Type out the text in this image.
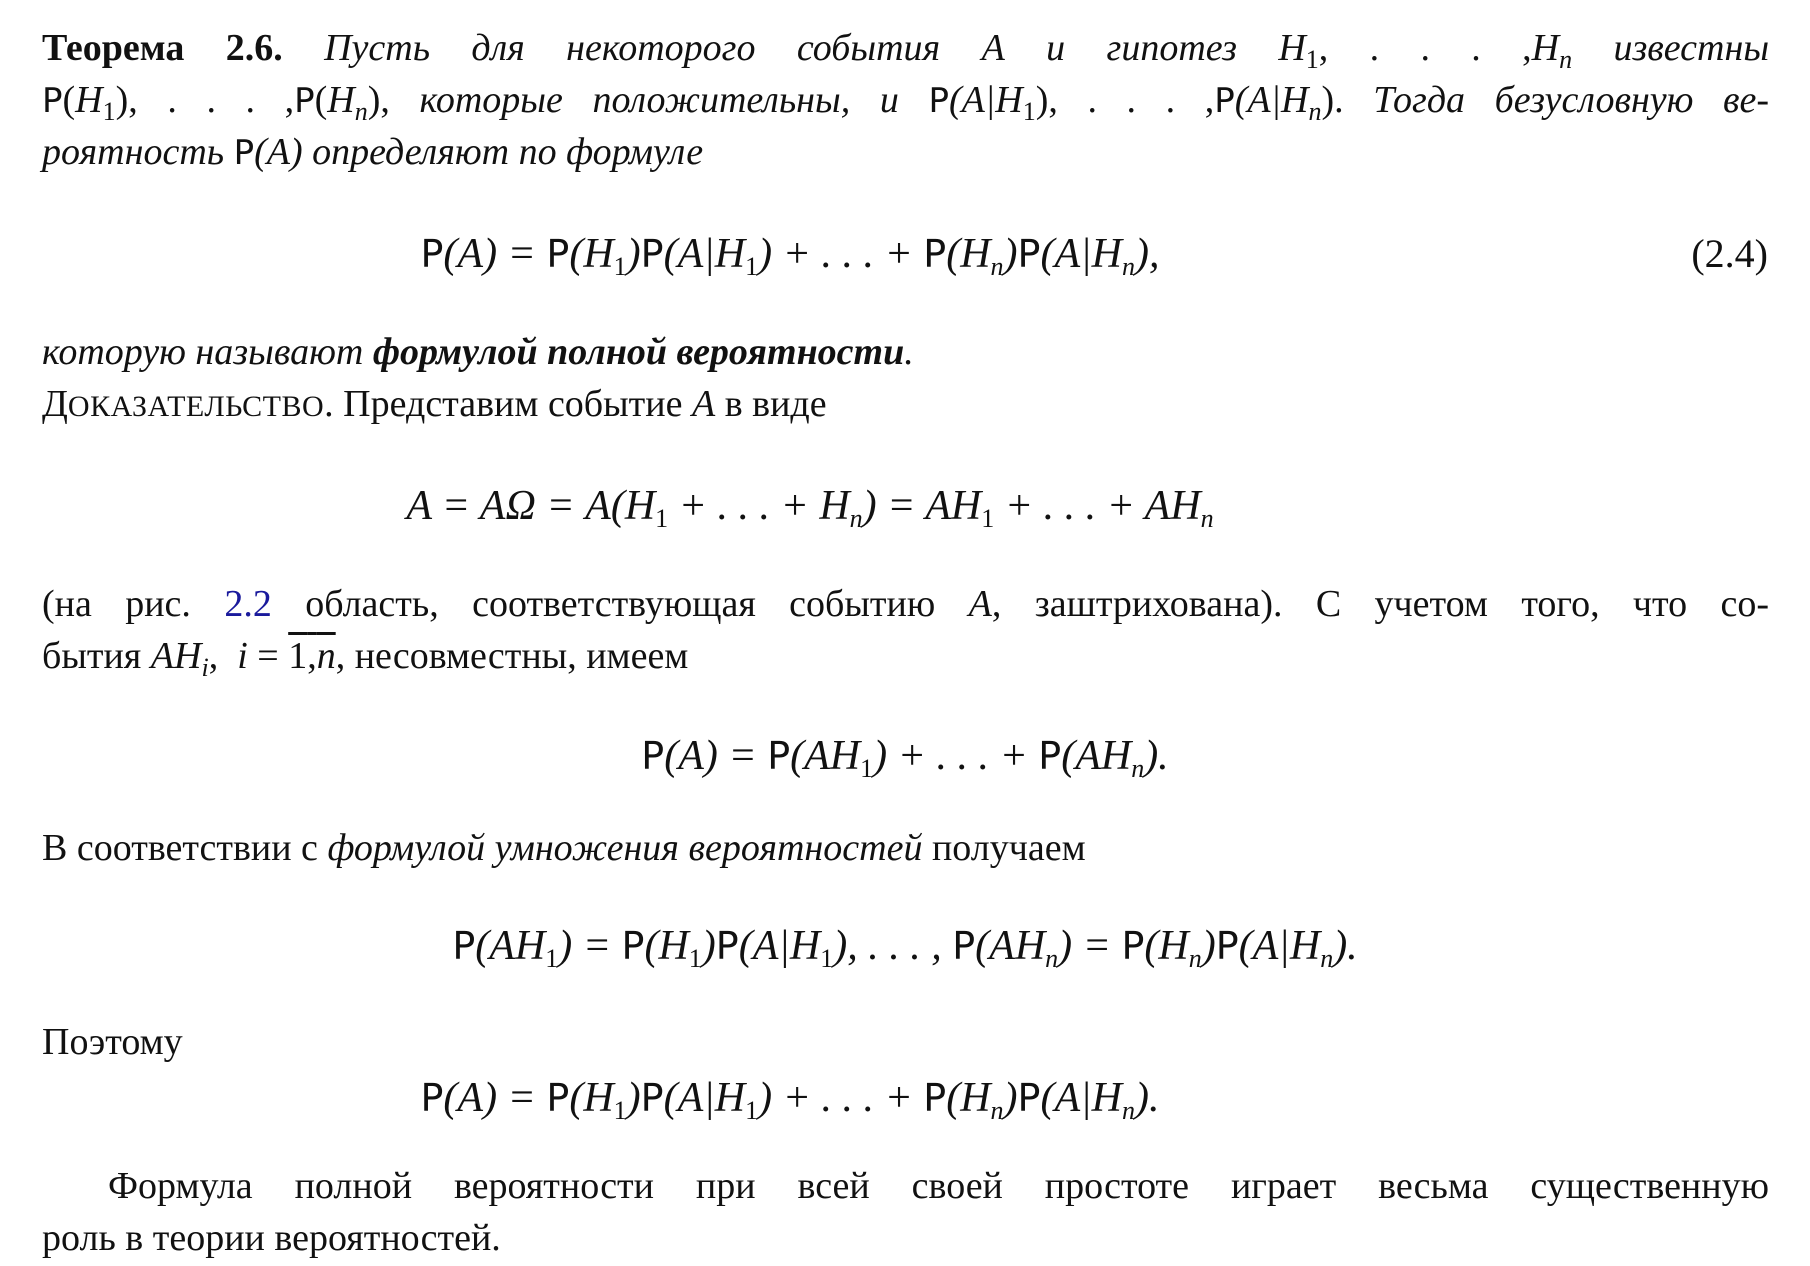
Теорема 2.6. Пусть для некоторого события A и гипотез $H_1$, . . . $,H_n$ известны
$P(H_1)$, . . . $,P(H_n)$, которые положительны, и $P(A|H_1)$, . . . $,P(A|H_n)$. Тогда безусловную ве-
роятность P(A) определяют по формуле
$P(A) = P(H_1)P(A|H_1)$ + . . . + $P(H_n)P(A|H_n)$,	(2.4)
которую называют формулой полной вероятности.
ДОКАЗАТЕЛЬСТВО. Представим событие A в виде
$A = A\Omega = A(H_1$ + . . . + $H_n) = AH_1$ + . . . + $AH_n$
(на рис. 2.2 область, соответствующая событию A, заштрихована). С учетом того, что со-
бытия $AH_i$, i = 1,n, несовместны, имеем
$P(A) = P(AH_1)$ + . . . + $P(AH_n)$.
В соответствии с формулой умножения вероятностей получаем
$P(AH_1) = P(H_1)P(A|H_1)$, . . . , $P(AH_n) = P(H_n)P(A|H_n)$.
Поэтому
$P(A) = P(H_1)P(A|H_1)$ + . . . + $P(H_n)P(A|H_n)$.
Формула полной вероятности при всей своей простоте играет весьма существенную
роль в теории вероятностей.
